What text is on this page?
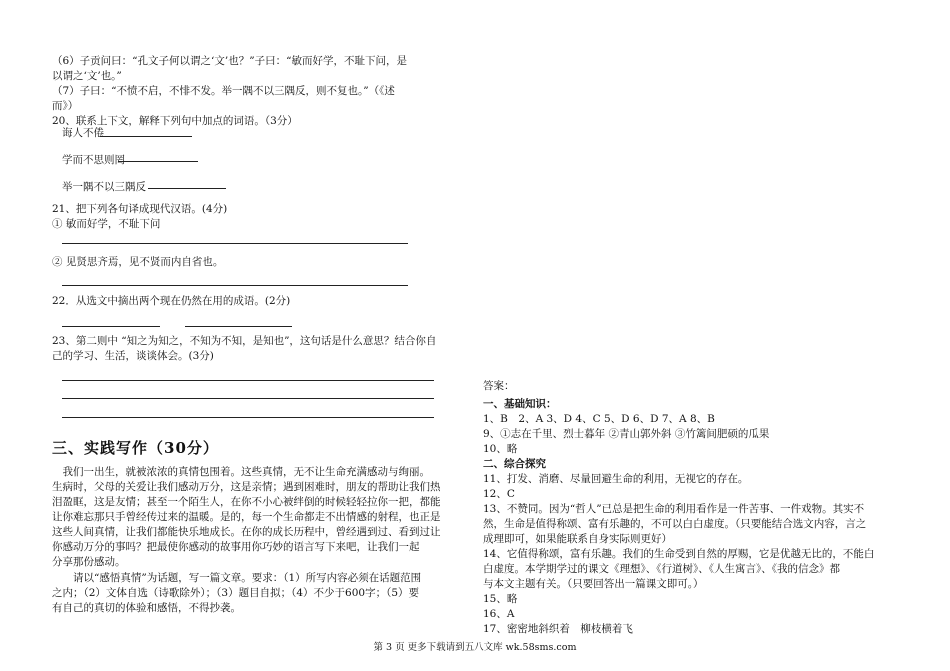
（6）子贡问曰：“孔文子何以谓之‘文’也？”子曰：“敏而好学，不耻下问，是
以谓之‘文’也。”
（7）子曰：“不愤不启，不悱不发。举一隅不以三隅反，则不复也。”（《述
而》）
20、联系上下文，解释下列句中加点的词语。（3分）
诲人不倦
学而不思则罔
举一隅不以三隅反
21、把下列各句译成现代汉语。(4分)
① 敏而好学，不耻下问
② 见贤思齐焉，见不贤而内自省也。
22．从选文中摘出两个现在仍然在用的成语。(2分)
23、第二则中 “知之为知之，不知为不知，是知也”，这句话是什么意思？结合你自
己的学习、生活，谈谈体会。(3分)
三、实践写作（30分）
　我们一出生，就被浓浓的真情包围着。这些真情，无不让生命充满感动与绚丽。
生病时，父母的关爱让我们感动万分，这是亲情；遇到困难时，朋友的帮助让我们热
泪盈眶，这是友情；甚至一个陌生人，在你不小心被绊倒的时候轻轻拉你一把，都能
让你难忘那只手曾经传过来的温暖。是的，每一个生命都走不出情感的射程，也正是
这些人间真情，让我们都能快乐地成长。在你的成长历程中，曾经遇到过、看到过让
你感动万分的事吗？把最使你感动的故事用你巧妙的语言写下来吧，让我们一起
分享那份感动。
　　请以“感悟真情”为话题，写一篇文章。要求：（1）所写内容必须在话题范围
之内；（2）文体自选（诗歌除外）；（3）题目自拟；（4）不少于600字；（5）要
有自己的真切的体验和感悟，不得抄袭。
答案：
一、基础知识：
1、B　2、A 3、D 4、C 5、D 6、D 7、A 8、B
9、①志在千里、烈士暮年 ②青山郭外斜 ③竹篱间肥硕的瓜果
10、略
二、综合探究
11、打发、消磨、尽量回避生命的利用，无视它的存在。
12、C
13、不赞同。因为“哲人”已总是把生命的利用看作是一件苦事、一件戏物。其实不
然，生命是值得称颂、富有乐趣的，不可以白白虚度。（只要能结合选文内容，言之
成理即可，如果能联系自身实际则更好）
14、它值得称颂，富有乐趣。我们的生命受到自然的厚赐，它是优越无比的，不能白
白虚度。本学期学过的课文《理想》、《行道树》、《人生寓言》、《我的信念》都
与本文主题有关。（只要回答出一篇课文即可。）
15、略
16、A
17、密密地斜织着　柳枝横着飞
第 3 页 更多下载请到五八文库 wk.58sms.com
